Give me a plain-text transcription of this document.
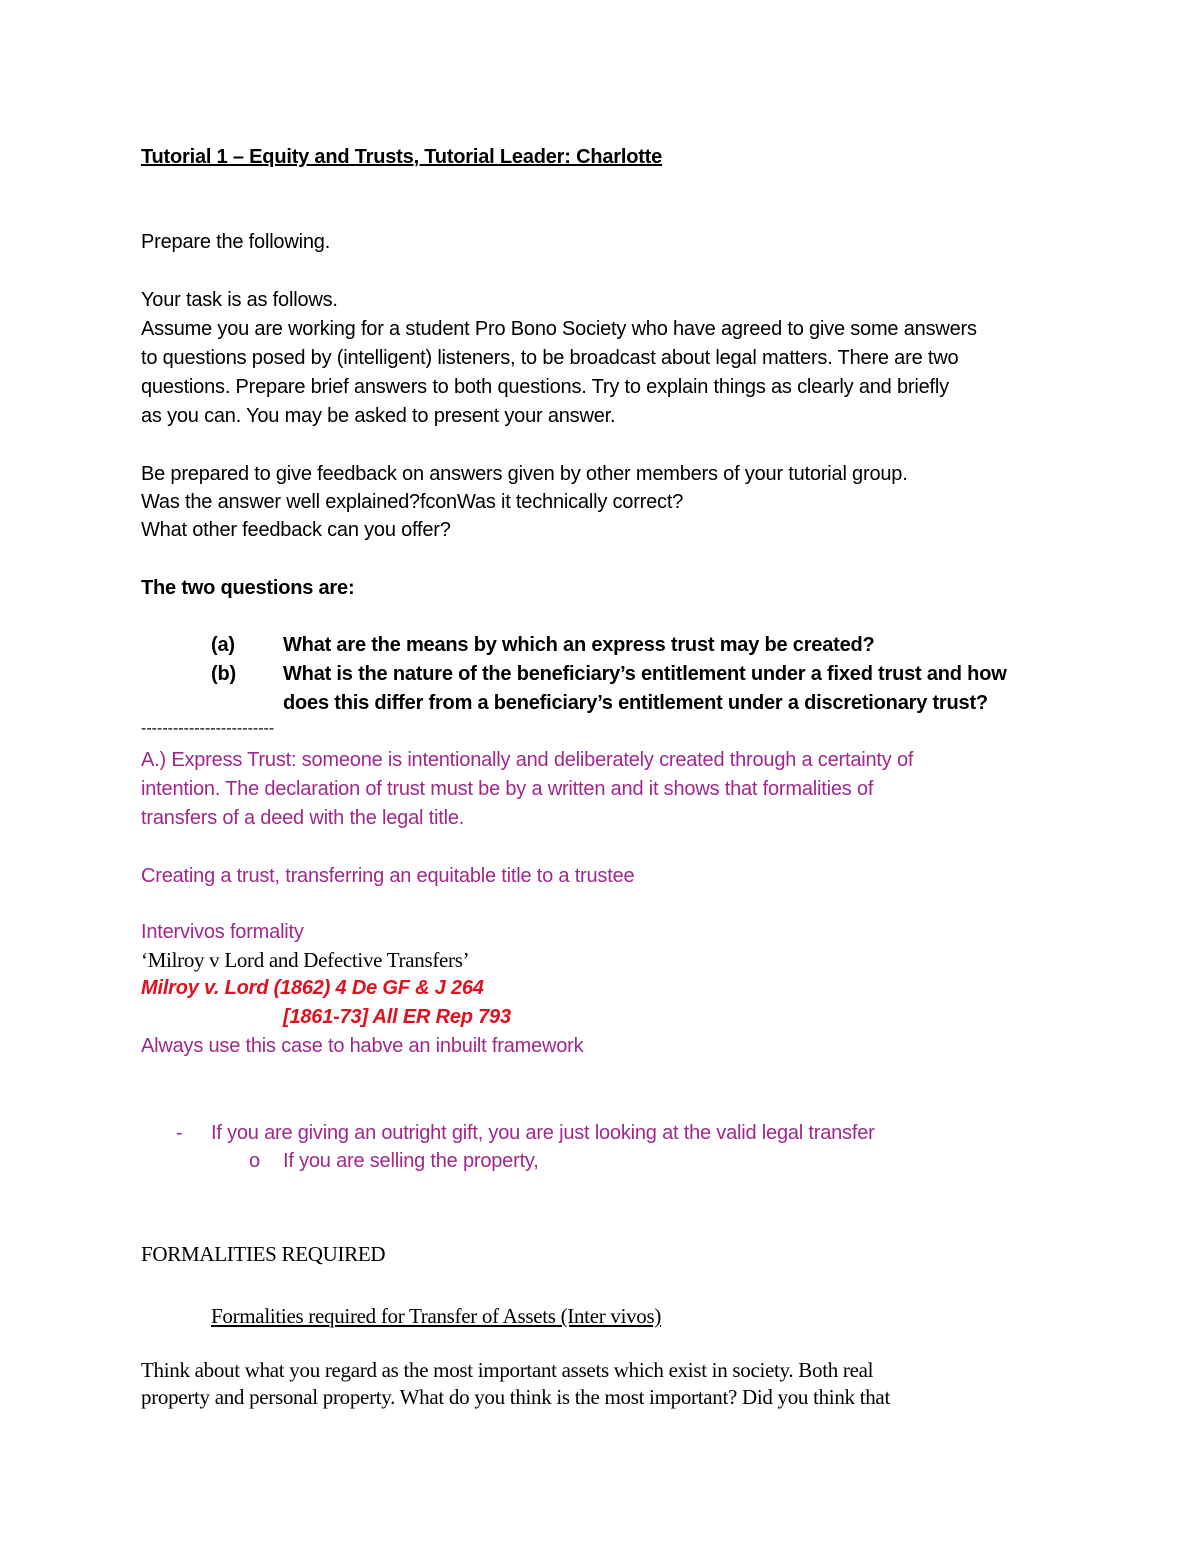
Tutorial 1 – Equity and Trusts, Tutorial Leader: Charlotte
Prepare the following.
Your task is as follows.
Assume you are working for a student Pro Bono Society who have agreed to give some answers
to questions posed by (intelligent) listeners, to be broadcast about legal matters. There are two
questions. Prepare brief answers to both questions. Try to explain things as clearly and briefly
as you can. You may be asked to present your answer.
Be prepared to give feedback on answers given by other members of your tutorial group.
Was the answer well explained?fconWas it technically correct?
What other feedback can you offer?
The two questions are:
(a) What are the means by which an express trust may be created?
(b) What is the nature of the beneficiary’s entitlement under a fixed trust and how
does this differ from a beneficiary’s entitlement under a discretionary trust?
-------------------------
A.) Express Trust: someone is intentionally and deliberately created through a certainty of
intention. The declaration of trust must be by a written and it shows that formalities of
transfers of a deed with the legal title.
Creating a trust, transferring an equitable title to a trustee
Intervivos formality
‘Milroy v Lord and Defective Transfers’
Milroy v. Lord (1862) 4 De GF & J 264
[1861-73] All ER Rep 793
Always use this case to habve an inbuilt framework
- If you are giving an outright gift, you are just looking at the valid legal transfer
o If you are selling the property,
FORMALITIES REQUIRED
Formalities required for Transfer of Assets (Inter vivos)
Think about what you regard as the most important assets which exist in society. Both real
property and personal property. What do you think is the most important? Did you think that
